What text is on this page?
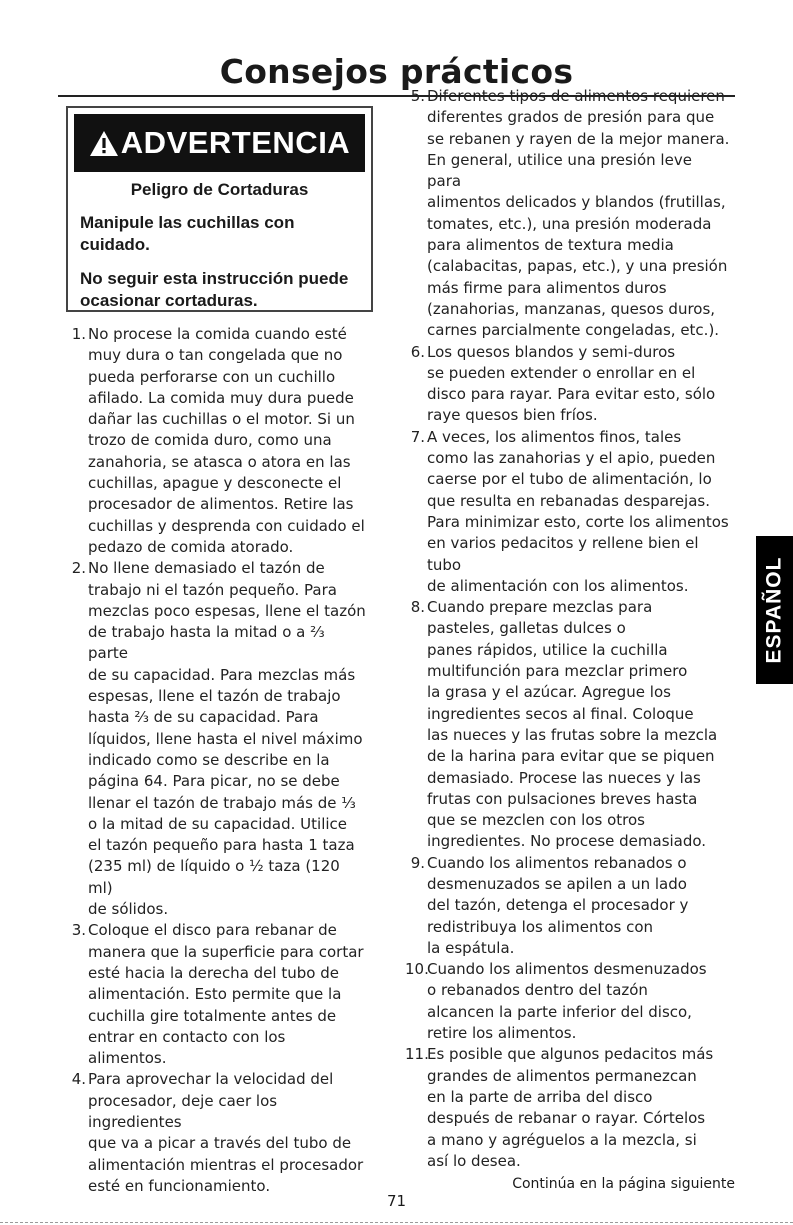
Consejos prácticos
ADVERTENCIA
Peligro de Cortaduras
Manipule las cuchillas con cuidado.
No seguir esta instrucción puede ocasionar cortaduras.
1. No procese la comida cuando esté
muy dura o tan congelada que no
pueda perforarse con un cuchillo
afilado. La comida muy dura puede
dañar las cuchillas o el motor. Si un
trozo de comida duro, como una
zanahoria, se atasca o atora en las
cuchillas, apague y desconecte el
procesador de alimentos. Retire las
cuchillas y desprenda con cuidado el
pedazo de comida atorado.
2. No llene demasiado el tazón de
trabajo ni el tazón pequeño. Para
mezclas poco espesas, llene el tazón
de trabajo hasta la mitad o a ⅔ parte
de su capacidad. Para mezclas más
espesas, llene el tazón de trabajo
hasta ⅔ de su capacidad. Para
líquidos, llene hasta el nivel máximo
indicado como se describe en la
página 64. Para picar, no se debe
llenar el tazón de trabajo más de ⅓
o la mitad de su capacidad. Utilice
el tazón pequeño para hasta 1 taza
(235 ml) de líquido o ½ taza (120 ml)
de sólidos.
3. Coloque el disco para rebanar de
manera que la superficie para cortar
esté hacia la derecha del tubo de
alimentación. Esto permite que la
cuchilla gire totalmente antes de
entrar en contacto con los alimentos.
4. Para aprovechar la velocidad del
procesador, deje caer los ingredientes
que va a picar a través del tubo de
alimentación mientras el procesador
esté en funcionamiento.
5. Diferentes tipos de alimentos requieren
diferentes grados de presión para que
se rebanen y rayen de la mejor manera.
En general, utilice una presión leve para
alimentos delicados y blandos (frutillas,
tomates, etc.), una presión moderada
para alimentos de textura media
(calabacitas, papas, etc.), y una presión
más firme para alimentos duros
(zanahorias, manzanas, quesos duros,
carnes parcialmente congeladas, etc.).
6. Los quesos blandos y semi-duros
se pueden extender o enrollar en el
disco para rayar. Para evitar esto, sólo
raye quesos bien fríos.
7. A veces, los alimentos finos, tales
como las zanahorias y el apio, pueden
caerse por el tubo de alimentación, lo
que resulta en rebanadas desparejas.
Para minimizar esto, corte los alimentos
en varios pedacitos y rellene bien el tubo
de alimentación con los alimentos.
8. Cuando prepare mezclas para
pasteles, galletas dulces o
panes rápidos, utilice la cuchilla
multifunción para mezclar primero
la grasa y el azúcar. Agregue los
ingredientes secos al final. Coloque
las nueces y las frutas sobre la mezcla
de la harina para evitar que se piquen
demasiado. Procese las nueces y las
frutas con pulsaciones breves hasta
que se mezclen con los otros
ingredientes. No procese demasiado.
9. Cuando los alimentos rebanados o
desmenuzados se apilen a un lado
del tazón, detenga el procesador y
redistribuya los alimentos con
la espátula.
10.
Cuando los alimentos desmenuzados
o rebanados dentro del tazón
alcancen la parte inferior del disco,
retire los alimentos.
11.
Es posible que algunos pedacitos más
grandes de alimentos permanezcan
en la parte de arriba del disco
después de rebanar o rayar. Córtelos
a mano y agréguelos a la mezcla, si
así lo desea.
ESPAÑOL
Continúa en la página siguiente
71
